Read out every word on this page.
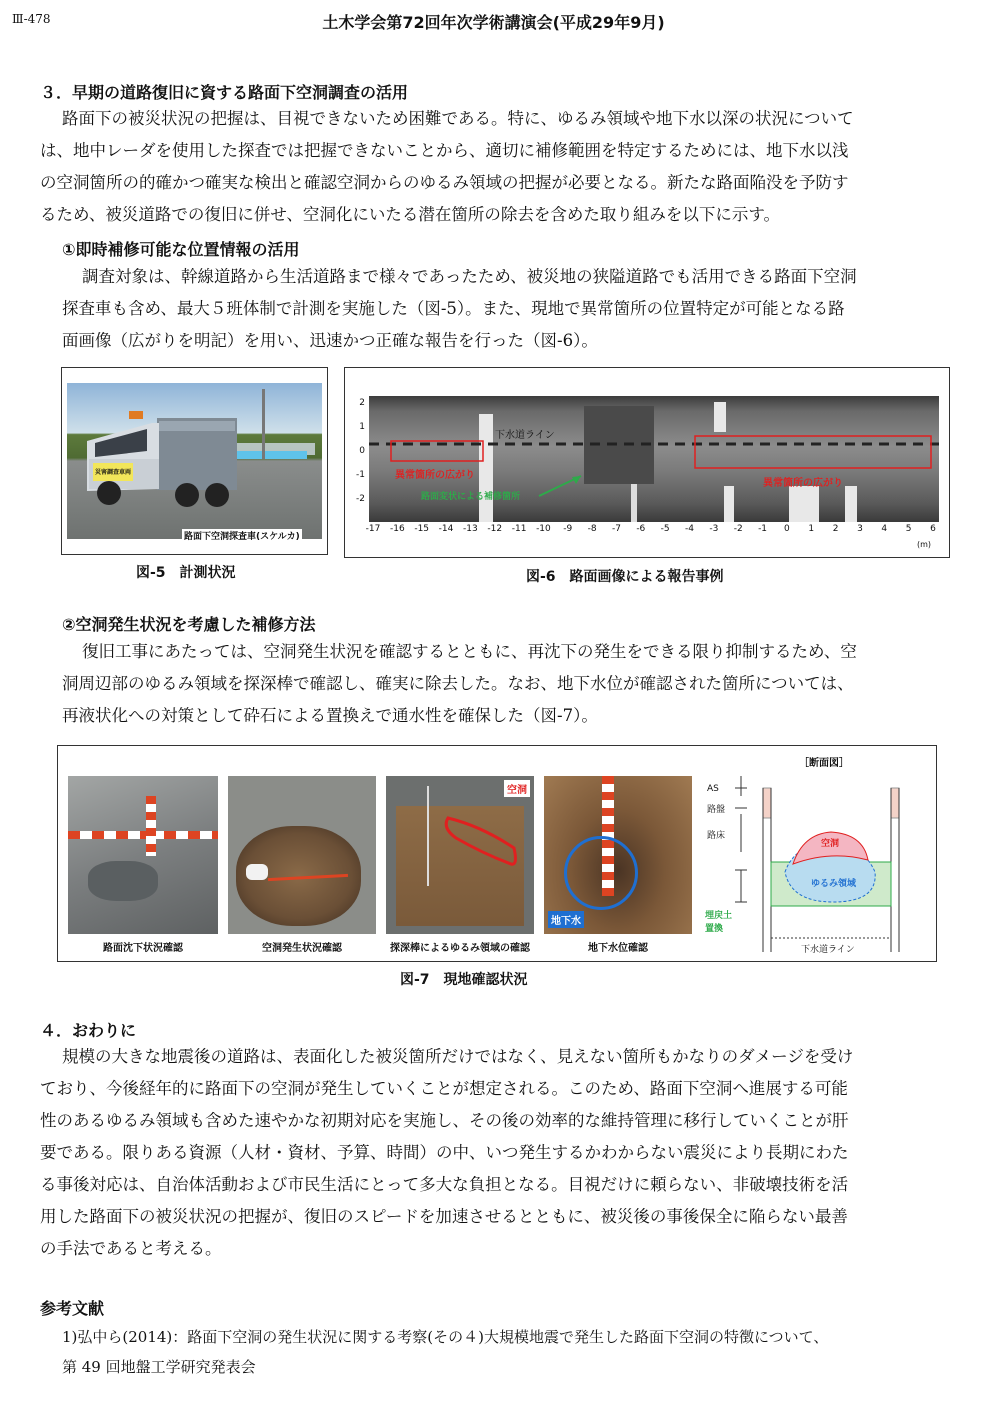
Ⅲ-478	土木学会第72回年次学術講演会(平成29年9月)
３．早期の道路復旧に資する路面下空洞調査の活用

路面下の被災状況の把握は、目視できないため困難である。特に、ゆるみ領域や地下水以深の状況について

は、地中レーダを使用した探査では把握できないことから、適切に補修範囲を特定するためには、地下水以浅

の空洞箇所の的確かつ確実な検出と確認空洞からのゆるみ領域の把握が必要となる。新たな路面陥没を予防す

るため、被災道路での復旧に併せ、空洞化にいたる潜在箇所の除去を含めた取り組みを以下に示す。

①即時補修可能な位置情報の活用

調査対象は、幹線道路から生活道路まで様々であったため、被災地の狭隘道路でも活用できる路面下空洞

探査車も含め、最大５班体制で計測を実施した（図-5）。また、現地で異常箇所の位置特定が可能となる路

面画像（広がりを明記）を用い、迅速かつ正確な報告を行った（図-6）。

災害調査車両
路面下空洞探査車(スケルカ)
図-5　計測状況
下水道ライン
異常箇所の広がり
異常箇所の広がり
路面変状による補修箇所
2
1
0
-1
-2
-17 -16 -15 -14 -13 -12 -11 -10	-9	-8	-7	-6	-5	-4	-3	-2	-1	0	1	2	3	4	5	6
(m)
図-6　路面画像による報告事例
②空洞発生状況を考慮した補修方法

復旧工事にあたっては、空洞発生状況を確認するとともに、再沈下の発生をできる限り抑制するため、空

洞周辺部のゆるみ領域を探深棒で確認し、確実に除去した。なお、地下水位が確認された箇所については、

再液状化への対策として砕石による置換えで通水性を確保した（図-7）。

空洞
地下水
路面沈下状況確認	空洞発生状況確認	探深棒によるゆるみ領域の確認	地下水位確認
［断面図］
AS
路盤
路床
空洞
ゆるみ領域
埋戻土
置換
下水道ライン
図-7　現地確認状況
４．おわりに

規模の大きな地震後の道路は、表面化した被災箇所だけではなく、見えない箇所もかなりのダメージを受け

ており、今後経年的に路面下の空洞が発生していくことが想定される。このため、路面下空洞へ進展する可能

性のあるゆるみ領域も含めた速やかな初期対応を実施し、その後の効率的な維持管理に移行していくことが肝

要である。限りある資源（人材・資材、予算、時間）の中、いつ発生するかわからない震災により長期にわた

る事後対応は、自治体活動および市民生活にとって多大な負担となる。目視だけに頼らない、非破壊技術を活

用した路面下の被災状況の把握が、復旧のスピードを加速させるとともに、被災後の事後保全に陥らない最善

の手法であると考える。

参考文献

1)弘中ら(2014)：路面下空洞の発生状況に関する考察(その４)大規模地震で発生した路面下空洞の特徴について、

第 49 回地盤工学研究発表会
